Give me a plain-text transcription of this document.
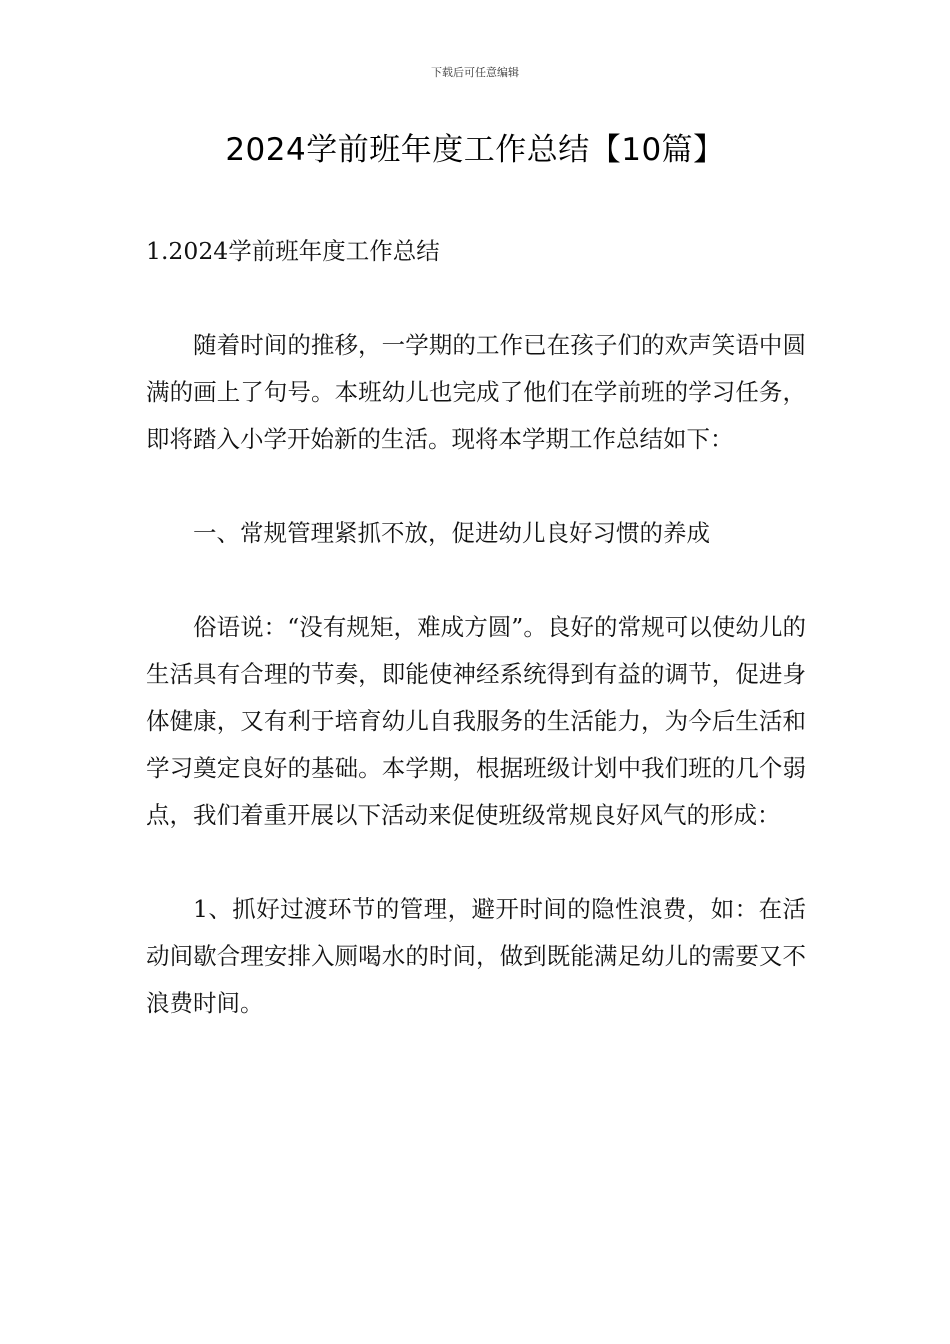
下载后可任意编辑
2024学前班年度工作总结【10篇】

1.2024学前班年度工作总结

随着时间的推移，一学期的工作已在孩子们的欢声笑语中圆满的画上了句号。本班幼儿也完成了他们在学前班的学习任务，即将踏入小学开始新的生活。现将本学期工作总结如下：

一、常规管理紧抓不放，促进幼儿良好习惯的养成

俗语说：“没有规矩，难成方圆”。良好的常规可以使幼儿的生活具有合理的节奏，即能使神经系统得到有益的调节，促进身体健康，又有利于培育幼儿自我服务的生活能力，为今后生活和学习奠定良好的基础。本学期，根据班级计划中我们班的几个弱点，我们着重开展以下活动来促使班级常规良好风气的形成：

1、抓好过渡环节的管理，避开时间的隐性浪费，如：在活动间歇合理安排入厕喝水的时间，做到既能满足幼儿的需要又不浪费时间。
